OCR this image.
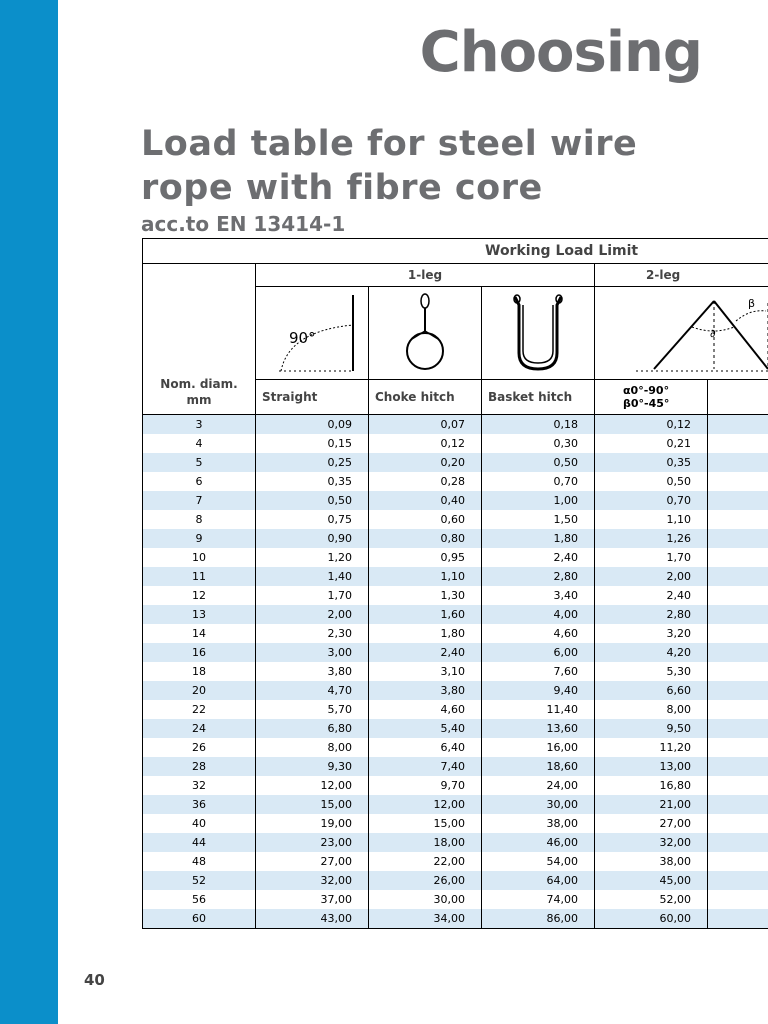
Choosing
Load table for steel wire
rope with fibre core
acc.to EN 13414-1
Working Load Limit					
Nom. diam.
mm	1-leg			2-leg	

90°			∂
β	

	Straight	Choke hitch	Basket hitch	α0°-90°
β0°-45°	
3	0,09	0,07	0,18	0,12	
4	0,15	0,12	0,30	0,21	
5	0,25	0,20	0,50	0,35	
6	0,35	0,28	0,70	0,50	
7	0,50	0,40	1,00	0,70	
8	0,75	0,60	1,50	1,10	
9	0,90	0,80	1,80	1,26	
10	1,20	0,95	2,40	1,70	
11	1,40	1,10	2,80	2,00	
12	1,70	1,30	3,40	2,40	
13	2,00	1,60	4,00	2,80	
14	2,30	1,80	4,60	3,20	
16	3,00	2,40	6,00	4,20	
18	3,80	3,10	7,60	5,30	
20	4,70	3,80	9,40	6,60	
22	5,70	4,60	11,40	8,00	
24	6,80	5,40	13,60	9,50	
26	8,00	6,40	16,00	11,20	
28	9,30	7,40	18,60	13,00	
32	12,00	9,70	24,00	16,80	
36	15,00	12,00	30,00	21,00	
40	19,00	15,00	38,00	27,00	
44	23,00	18,00	46,00	32,00	
48	27,00	22,00	54,00	38,00	
52	32,00	26,00	64,00	45,00	
56	37,00	30,00	74,00	52,00	
60	43,00	34,00	86,00	60,00	
40
